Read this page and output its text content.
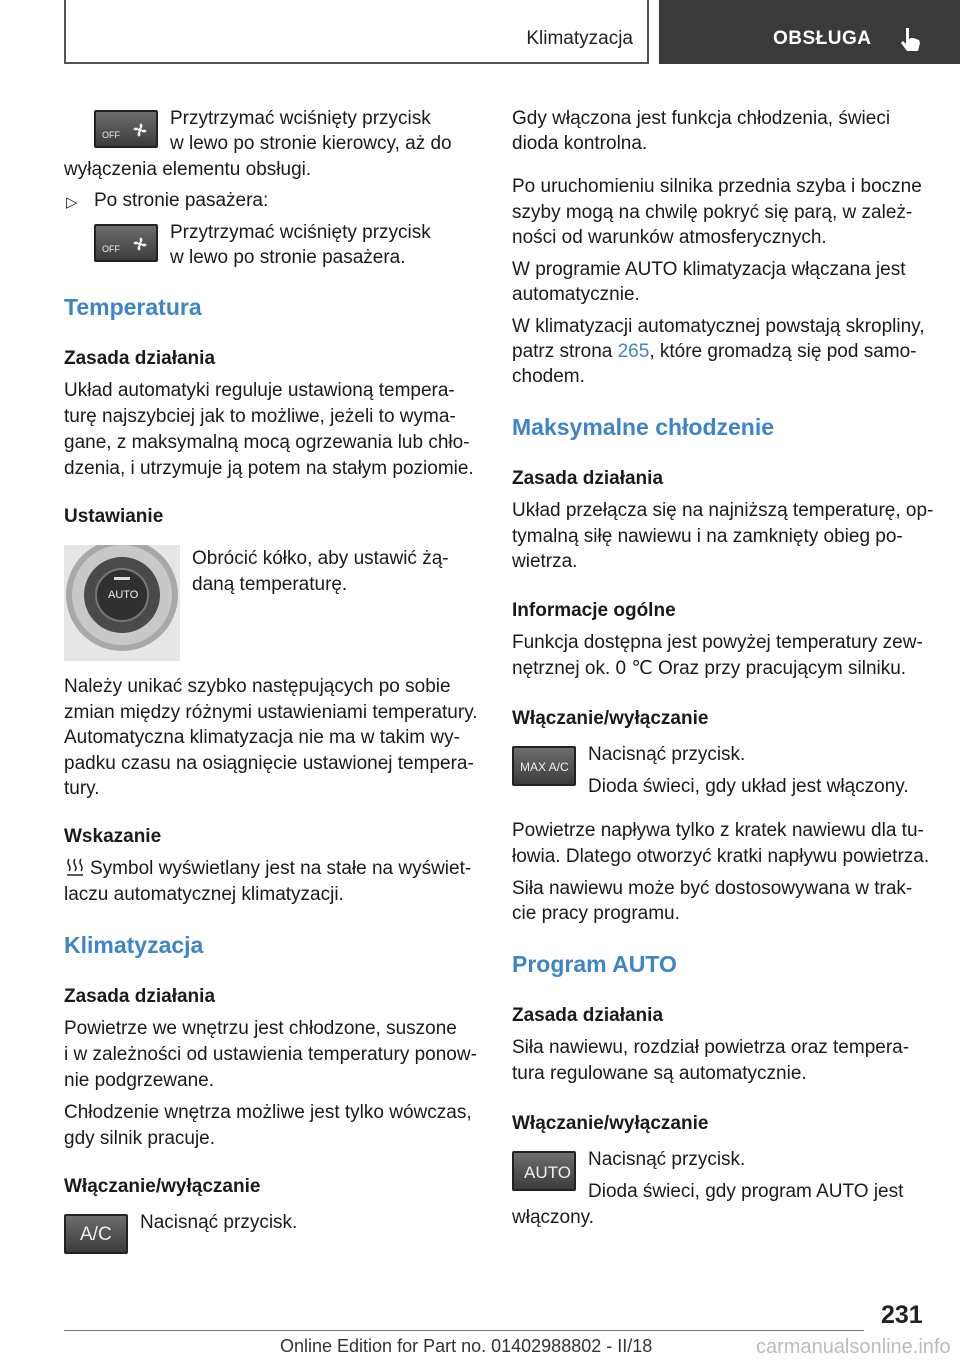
Klimatyzacja	OBSŁUGA
OFF

Przytrzymać wciśnięty przycisk

w lewo po stronie kierowcy, aż do

wyłączenia elementu obsługi.

▷ Po stronie pasażera:

OFF

Przytrzymać wciśnięty przycisk

w lewo po stronie pasażera.

Temperatura
Zasada działania

Układ automatyki reguluje ustawioną tempera-

turę najszybciej jak to możliwe, jeżeli to wyma-

gane, z maksymalną mocą ogrzewania lub chło-

dzenia, i utrzymuje ją potem na stałym poziomie.

Ustawianie
AUTO

Obrócić kółko, aby ustawić żą-

daną temperaturę.

Należy unikać szybko następujących po sobie

zmian między różnymi ustawieniami temperatury.

Automatyczna klimatyzacja nie ma w takim wy-

padku czasu na osiągnięcie ustawionej tempera-

tury.

Wskazanie

Symbol wyświetlany jest na stałe na wyświet-

laczu automatycznej klimatyzacji.

Klimatyzacja
Zasada działania

Powietrze we wnętrzu jest chłodzone, suszone

i w zależności od ustawienia temperatury ponow-

nie podgrzewane.

Chłodzenie wnętrza możliwe jest tylko wówczas,

gdy silnik pracuje.

Włączanie/wyłączanie
A/C

Nacisnąć przycisk.

Gdy włączona jest funkcja chłodzenia, świeci

dioda kontrolna.

Po uruchomieniu silnika przednia szyba i boczne

szyby mogą na chwilę pokryć się parą, w zależ-

ności od warunków atmosferycznych.

W programie AUTO klimatyzacja włączana jest

automatycznie.

W klimatyzacji automatycznej powstają skropliny,

patrz strona 265, które gromadzą się pod samo-

chodem.

Maksymalne chłodzenie
Zasada działania

Układ przełącza się na najniższą temperaturę, op-

tymalną siłę nawiewu i na zamknięty obieg po-

wietrza.

Informacje ogólne

Funkcja dostępna jest powyżej temperatury zew-

nętrznej ok. 0 ℃ Oraz przy pracującym silniku.

Włączanie/wyłączanie
MAX A/C

Nacisnąć przycisk.

Dioda świeci, gdy układ jest włączony.

Powietrze napływa tylko z kratek nawiewu dla tu-

łowia. Dlatego otworzyć kratki napływu powietrza.

Siła nawiewu może być dostosowywana w trak-

cie pracy programu.

Program AUTO
Zasada działania

Siła nawiewu, rozdział powietrza oraz tempera-

tura regulowane są automatycznie.

Włączanie/wyłączanie
AUTO

Nacisnąć przycisk.

Dioda świeci, gdy program AUTO jest

włączony.

231
Online Edition for Part no. 01402988802 - II/18	carmanualsonline.info
